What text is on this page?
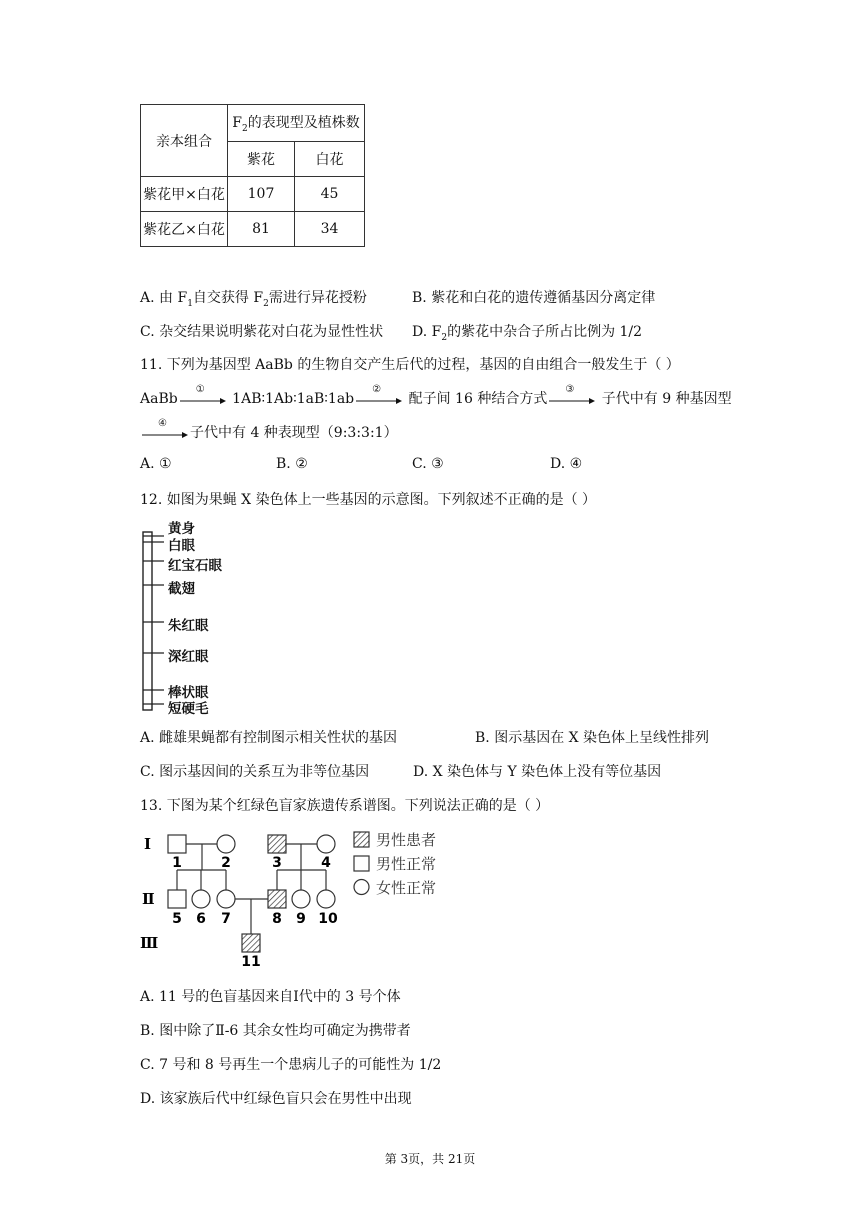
亲本组合	$F_2$的表现型及植株数	
	紫花	白花
紫花甲×白花	107	45
紫花乙×白花	81	34
A. 由 $F_1$自交获得 $F_2$需进行异花授粉	B. 紫花和白花的遗传遵循基因分离定律
C. 杂交结果说明紫花对白花为显性性状 D. $F_2$的紫花中杂合子所占比例为 1/2
11. 下列为基因型 AaBb 的生物自交产生后代的过程，基因的自由组合一般发生于（ ）
AaBb
①
1AB∶1Ab∶1aB∶1ab
②
配子间 16 种结合方式
③
子代中有 9 种基因型
④
子代中有 4 种表现型（9:3:3:1）
A. ①	B. ②	C. ③	D. ④
12. 如图为果蝇 X 染色体上一些基因的示意图。下列叙述不正确的是（ ）
黄身
白眼
红宝石眼
截翅
朱红眼
深红眼
棒状眼
短硬毛
A. 雌雄果蝇都有控制图示相关性状的基因	B. 图示基因在 X 染色体上呈线性排列
C. 图示基因间的关系互为非等位基因	D. X 染色体与 Y 染色体上没有等位基因
13. 下图为某个红绿色盲家族遗传系谱图。下列说法正确的是（ ）
男性患者
男性正常
女性正常
Ⅰ
Ⅱ
Ⅲ
1	2	3	4
5 6 7	8 9 10
11
A. 11 号的色盲基因来自Ⅰ代中的 3 号个体
B. 图中除了Ⅱ-6 其余女性均可确定为携带者
C. 7 号和 8 号再生一个患病儿子的可能性为 1/2
D. 该家族后代中红绿色盲只会在男性中出现
第 3页，共 21页
